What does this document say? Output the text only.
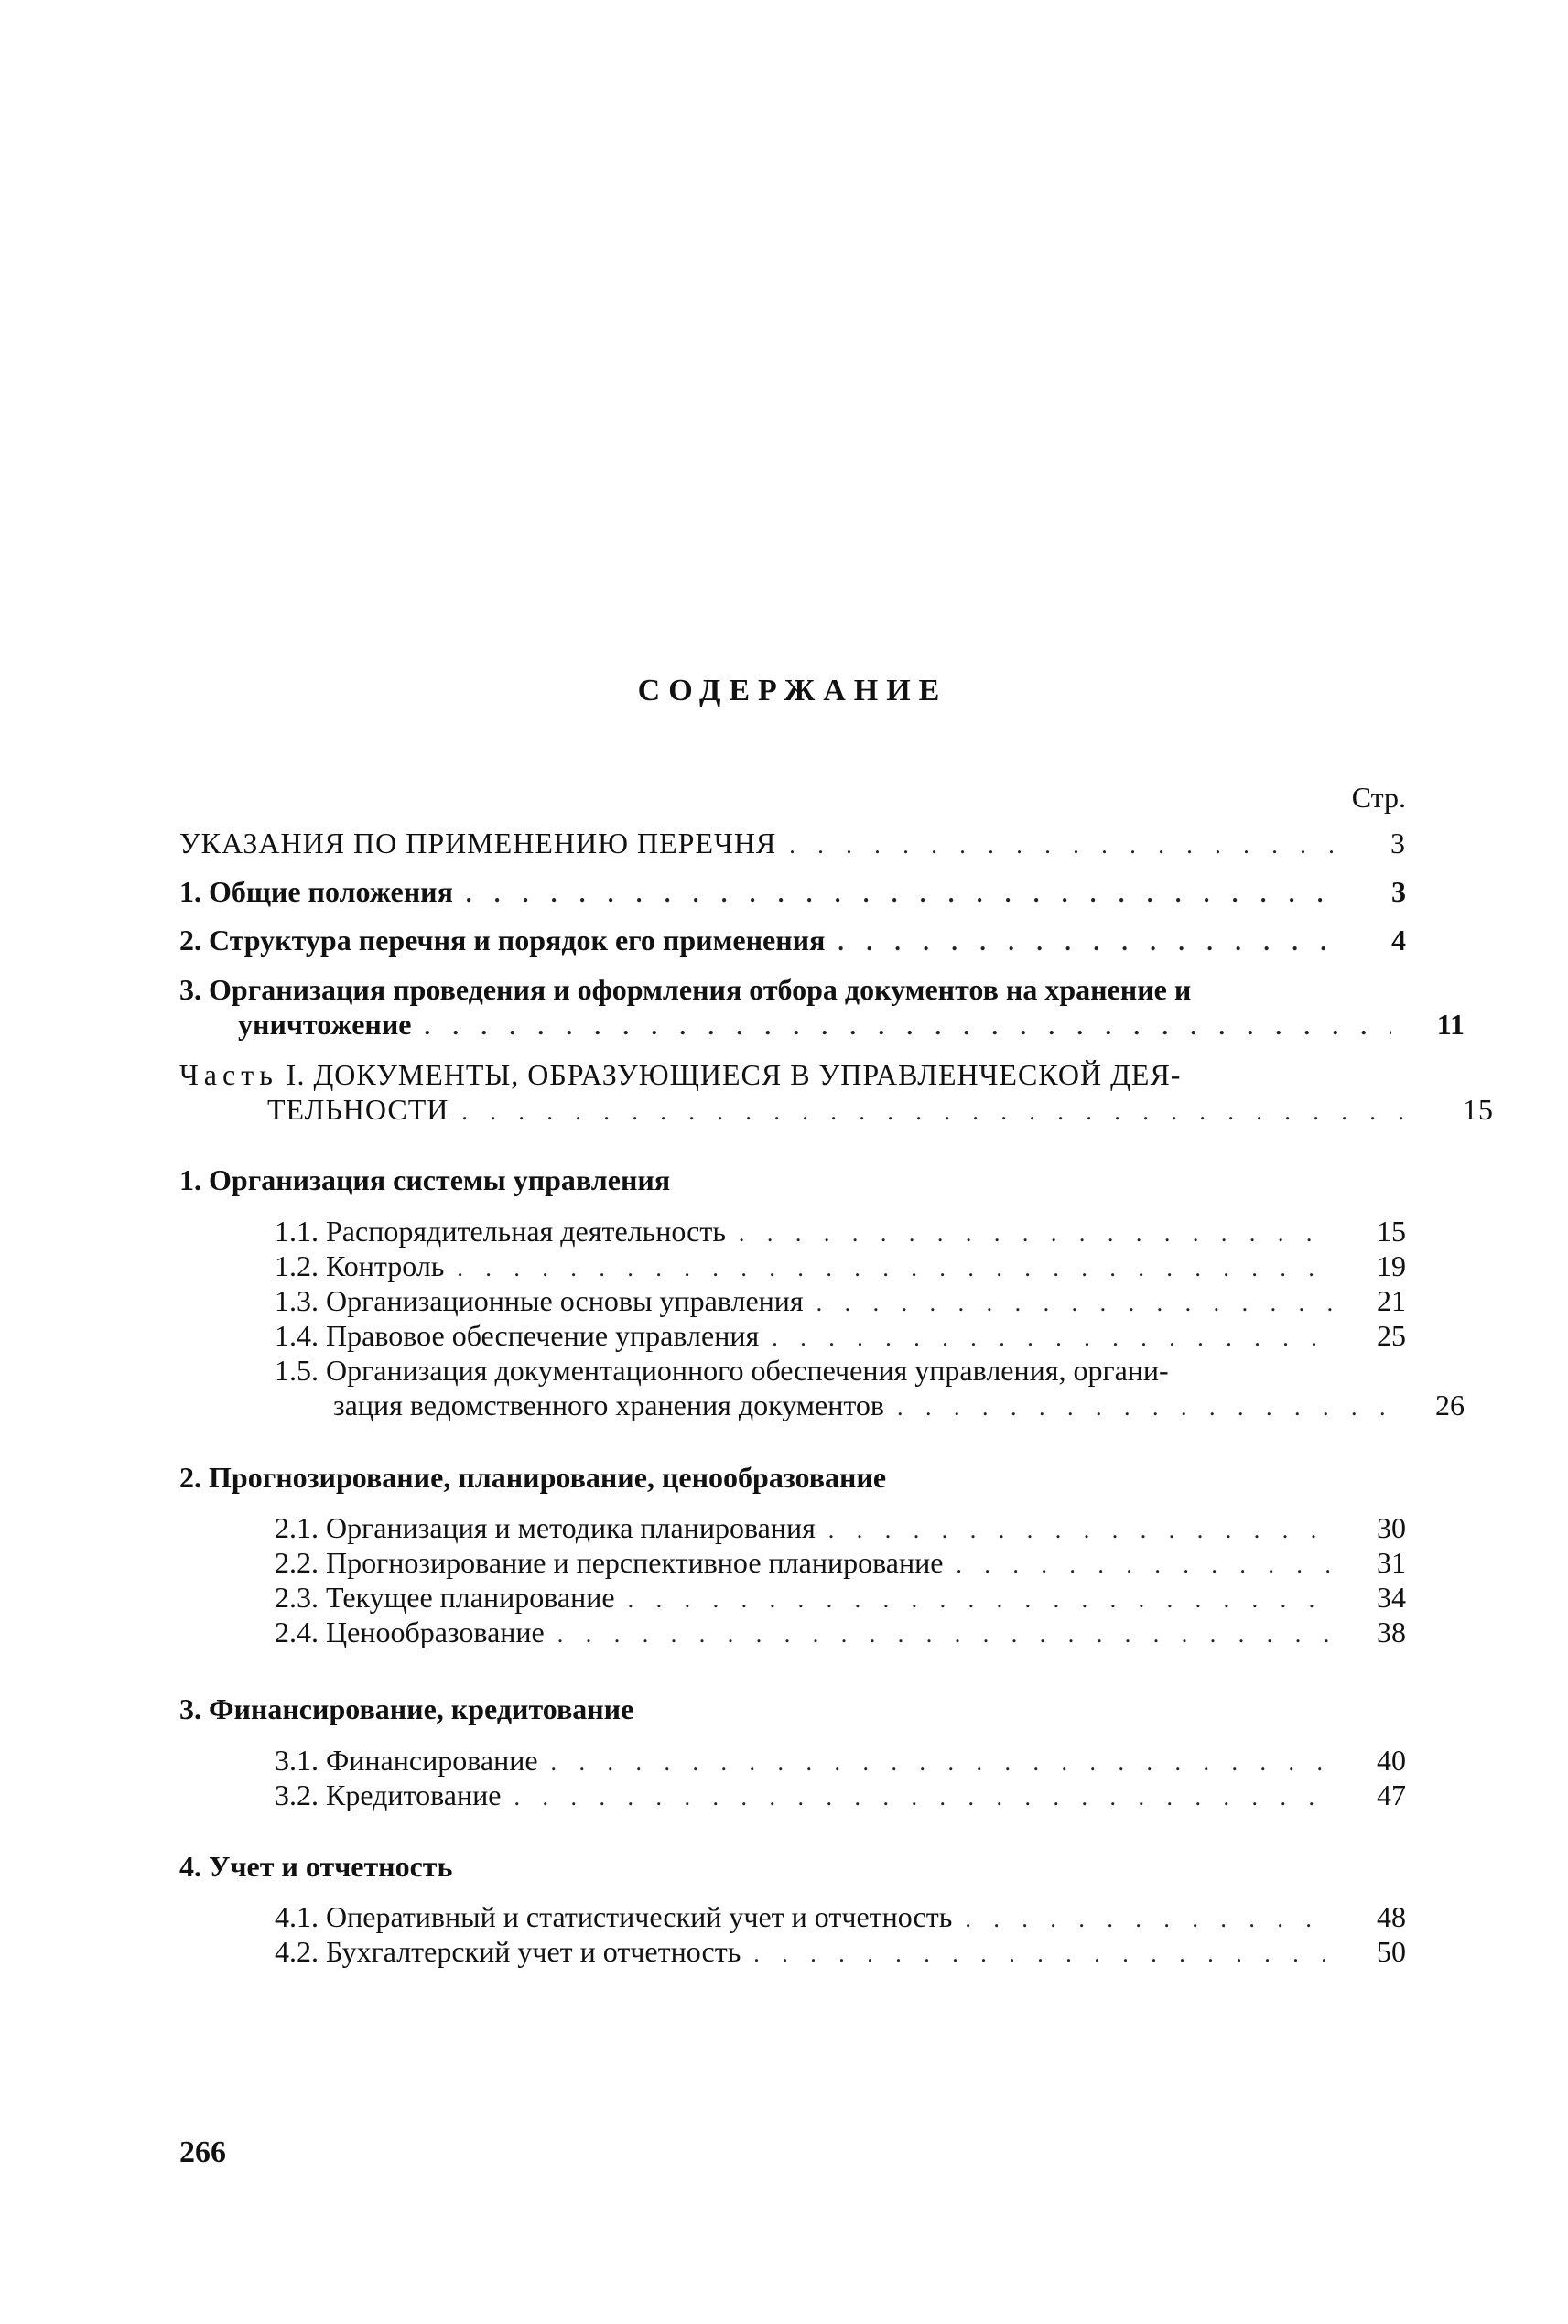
СОДЕРЖАНИЕ
Стр.
УКАЗАНИЯ ПО ПРИМЕНЕНИЮ ПЕРЕЧНЯ . . .	3
1. Общие положения . . .	3
2. Структура перечня и порядок его применения . . .	4
3. Организация проведения и оформления отбора документов на хранение и
уничтожение . . .	11
Часть I. ДОКУМЕНТЫ, ОБРАЗУЮЩИЕСЯ В УПРАВЛЕНЧЕСКОЙ ДЕЯ-
ТЕЛЬНОСТИ . . .	15
1. Организация системы управления
1.1. Распорядительная деятельность . . .	15
1.2. Контроль . . .	19
1.3. Организационные основы управления . . .	21
1.4. Правовое обеспечение управления . . .	25
1.5. Организация документационного обеспечения управления, органи-
зация ведомственного хранения документов . . .	26
2. Прогнозирование, планирование, ценообразование
2.1. Организация и методика планирования . . .	30
2.2. Прогнозирование и перспективное планирование . . .	31
2.3. Текущее планирование . . .	34
2.4. Ценообразование . . .	38
3. Финансирование, кредитование
3.1. Финансирование . . .	40
3.2. Кредитование . . .	47
4. Учет и отчетность
4.1. Оперативный и статистический учет и отчетность . . .	48
4.2. Бухгалтерский учет и отчетность . . .	50
266
